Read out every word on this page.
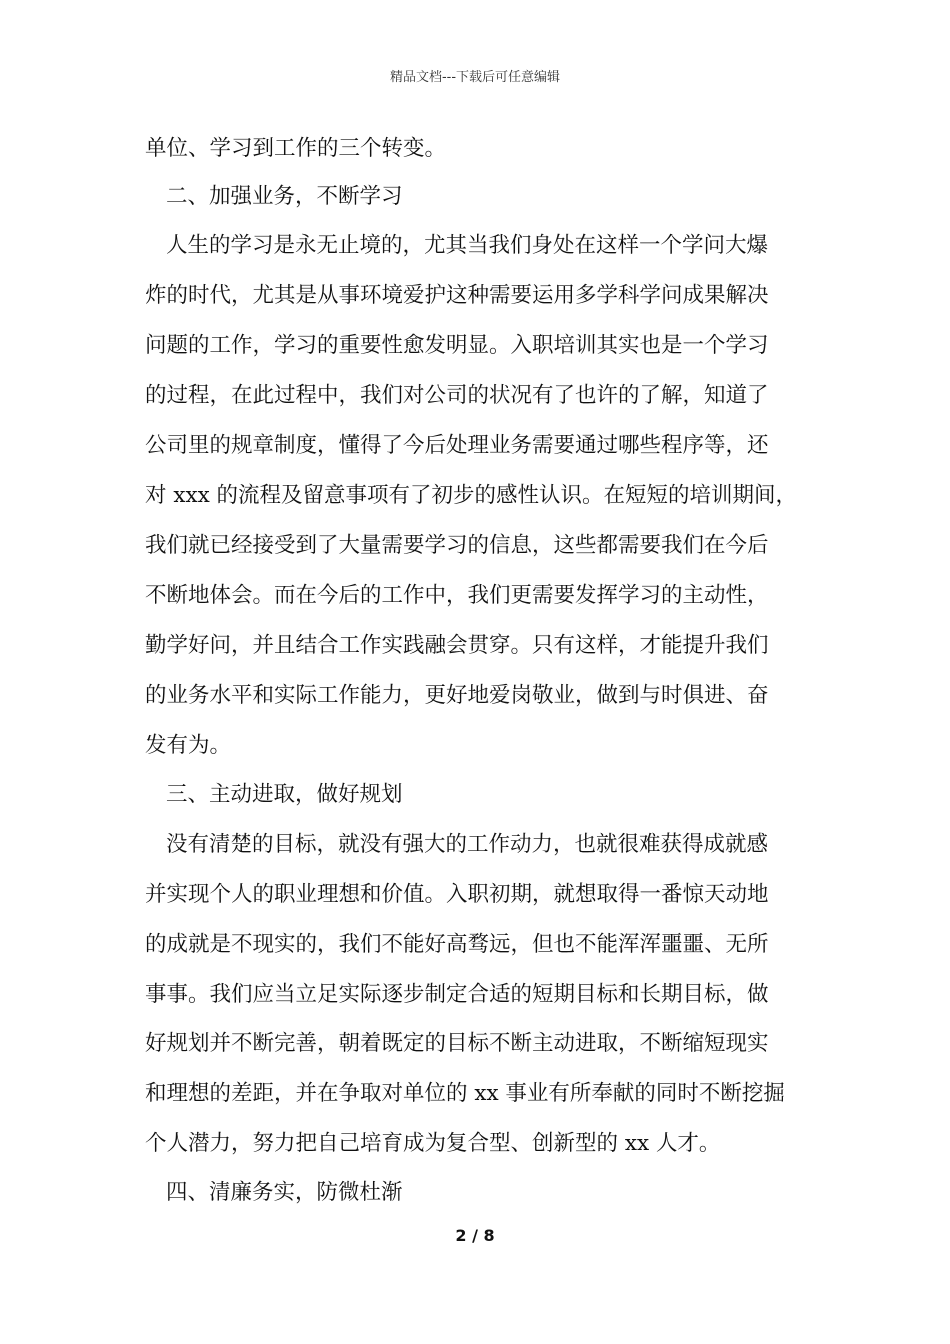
精品文档---下载后可任意编辑
单位、学习到工作的三个转变。
二、加强业务，不断学习
人生的学习是永无止境的，尤其当我们身处在这样一个学问大爆
炸的时代，尤其是从事环境爱护这种需要运用多学科学问成果解决
问题的工作，学习的重要性愈发明显。入职培训其实也是一个学习
的过程，在此过程中，我们对公司的状况有了也许的了解，知道了
公司里的规章制度，懂得了今后处理业务需要通过哪些程序等，还
对 xxx 的流程及留意事项有了初步的感性认识。在短短的培训期间，
我们就已经接受到了大量需要学习的信息，这些都需要我们在今后
不断地体会。而在今后的工作中，我们更需要发挥学习的主动性，
勤学好问，并且结合工作实践融会贯穿。只有这样，才能提升我们
的业务水平和实际工作能力，更好地爱岗敬业，做到与时俱进、奋
发有为。
三、主动进取，做好规划
没有清楚的目标，就没有强大的工作动力，也就很难获得成就感
并实现个人的职业理想和价值。入职初期，就想取得一番惊天动地
的成就是不现实的，我们不能好高骛远，但也不能浑浑噩噩、无所
事事。我们应当立足实际逐步制定合适的短期目标和长期目标，做
好规划并不断完善，朝着既定的目标不断主动进取，不断缩短现实
和理想的差距，并在争取对单位的 xx 事业有所奉献的同时不断挖掘
个人潜力，努力把自己培育成为复合型、创新型的 xx 人才。
四、清廉务实，防微杜渐
2 / 8
